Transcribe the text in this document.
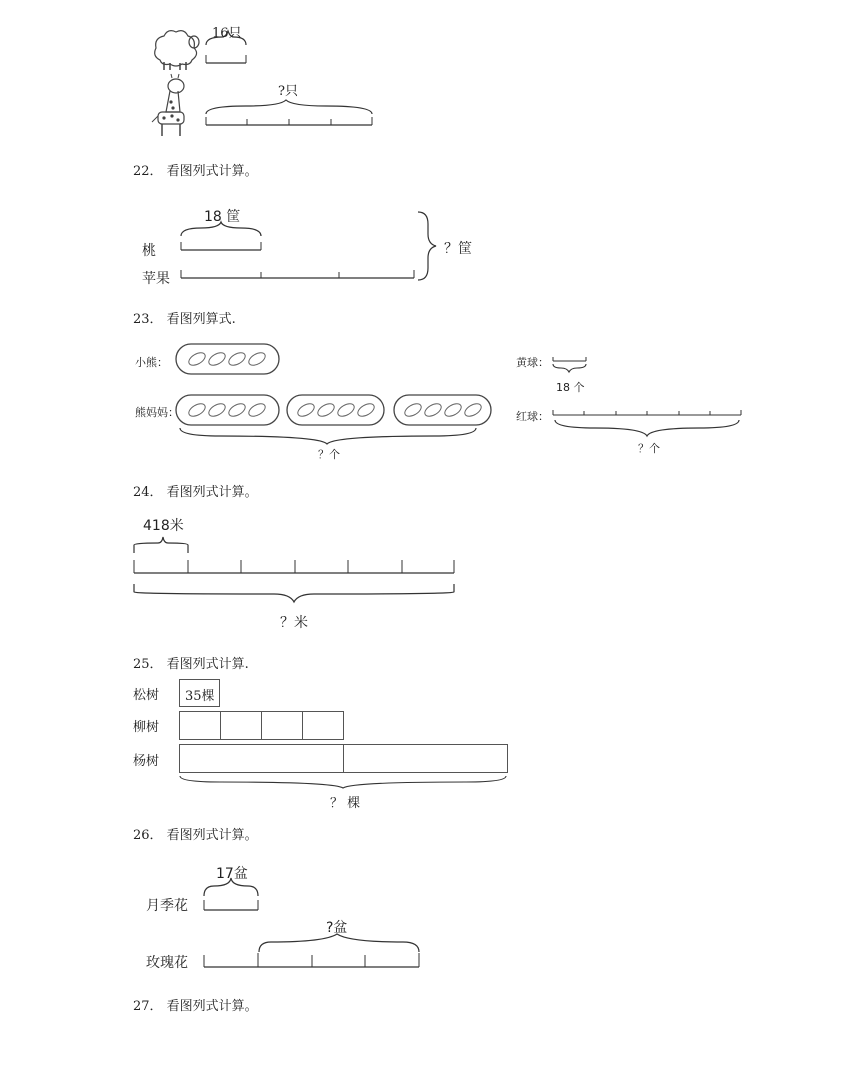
16只
?只
22． 看图列式计算。
18 筐
桃
苹果
？筐
23． 看图列算式.
小熊：
熊妈妈：
？个
黄球：
18 个
红球：
？个
24． 看图列式计算。
418米
？米
25． 看图列式计算.
松树
柳树
杨树
35棵
？ 棵
26． 看图列式计算。
17盆
月季花
玫瑰花
?盆
27． 看图列式计算。
